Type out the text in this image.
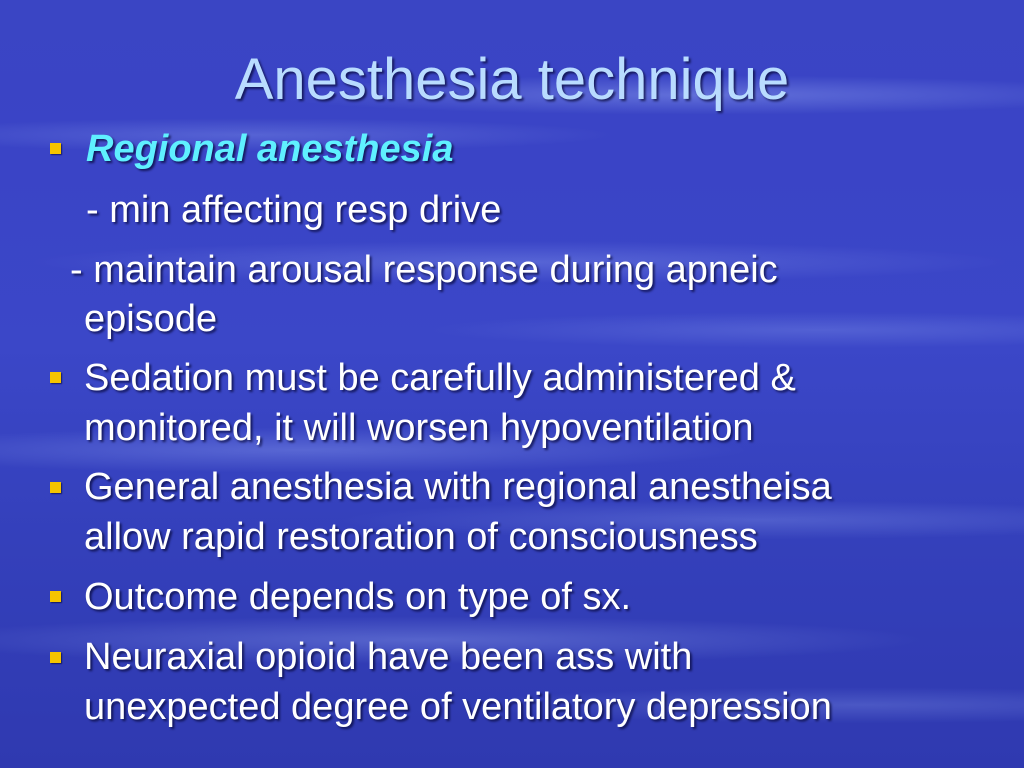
Anesthesia technique
Regional anesthesia
- min affecting resp drive
- maintain arousal response during apneic
episode
Sedation must be carefully administered &
monitored, it will worsen hypoventilation
General anesthesia with regional anestheisa
allow rapid restoration of consciousness
Outcome depends on type of sx.
Neuraxial opioid have been ass with
unexpected degree of ventilatory depression
